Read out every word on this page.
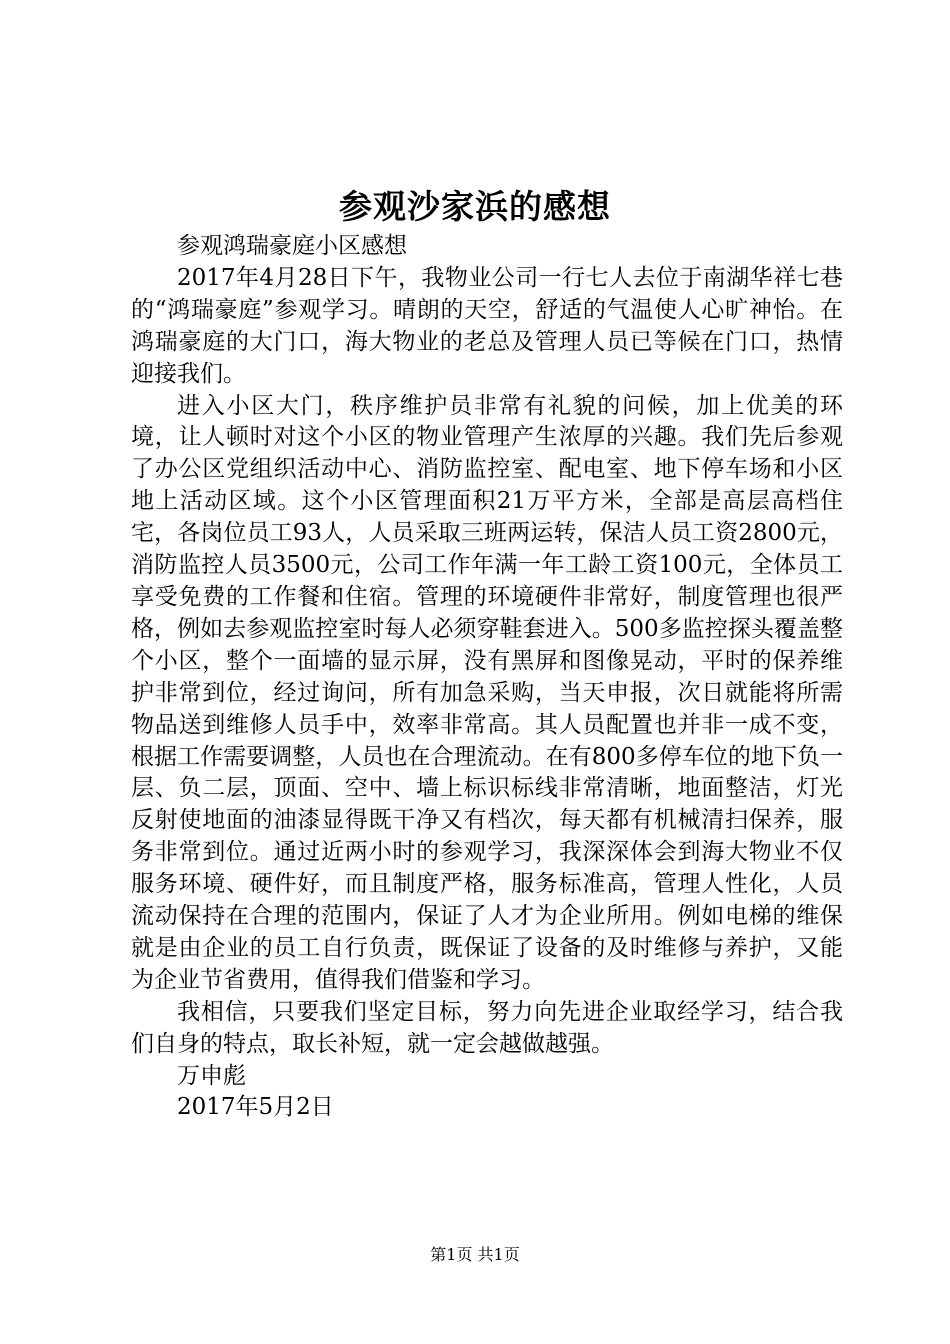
参观沙家浜的感想

参观鸿瑞豪庭小区感想

2017年4月28日下午，我物业公司一行七人去位于南湖华祥七巷的“鸿瑞豪庭”参观学习。晴朗的天空，舒适的气温使人心旷神怡。在鸿瑞豪庭的大门口，海大物业的老总及管理人员已等候在门口，热情迎接我们。

进入小区大门，秩序维护员非常有礼貌的问候，加上优美的环境，让人顿时对这个小区的物业管理产生浓厚的兴趣。我们先后参观了办公区党组织活动中心、消防监控室、配电室、地下停车场和小区地上活动区域。这个小区管理面积21万平方米，全部是高层高档住宅，各岗位员工93人，人员采取三班两运转，保洁人员工资2800元，消防监控人员3500元，公司工作年满一年工龄工资100元，全体员工享受免费的工作餐和住宿。管理的环境硬件非常好，制度管理也很严格，例如去参观监控室时每人必须穿鞋套进入。500多监控探头覆盖整个小区，整个一面墙的显示屏，没有黑屏和图像晃动，平时的保养维护非常到位，经过询问，所有加急采购，当天申报，次日就能将所需物品送到维修人员手中，效率非常高。其人员配置也并非一成不变，根据工作需要调整，人员也在合理流动。在有800多停车位的地下负一层、负二层，顶面、空中、墙上标识标线非常清晰，地面整洁，灯光反射使地面的油漆显得既干净又有档次，每天都有机械清扫保养，服务非常到位。通过近两小时的参观学习，我深深体会到海大物业不仅服务环境、硬件好，而且制度严格，服务标准高，管理人性化，人员流动保持在合理的范围内，保证了人才为企业所用。例如电梯的维保就是由企业的员工自行负责，既保证了设备的及时维修与养护，又能为企业节省费用，值得我们借鉴和学习。

我相信，只要我们坚定目标，努力向先进企业取经学习，结合我们自身的特点，取长补短，就一定会越做越强。

万申彪

2017年5月2日

第1页 共1页
